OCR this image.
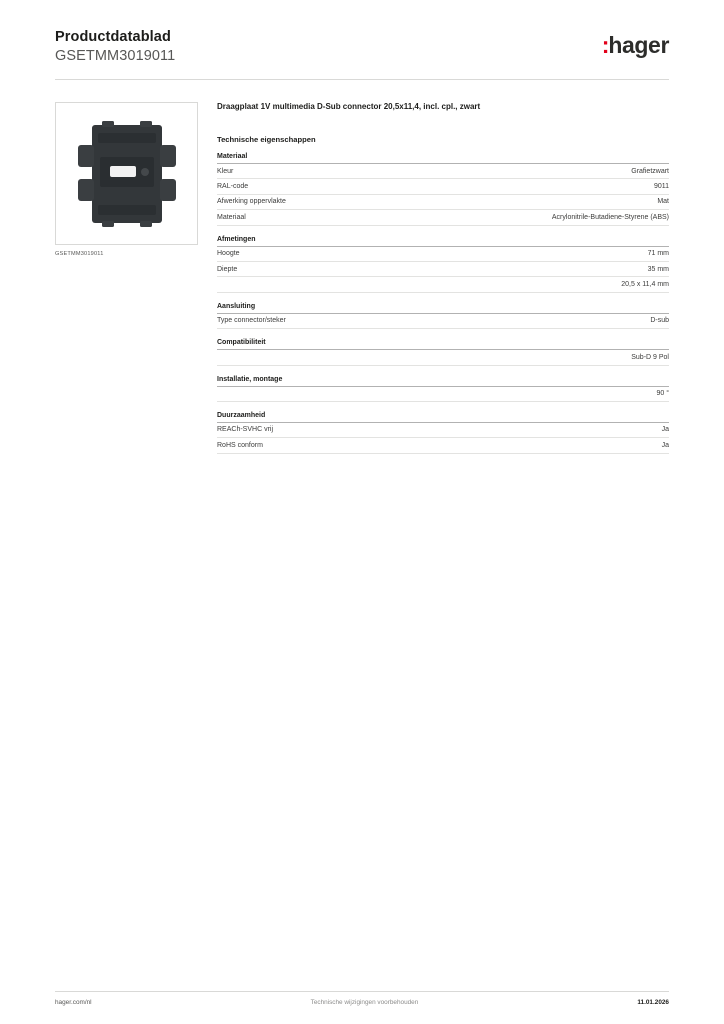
Productdatablad
GSETMM3019011	:hager
GSETMM3019011
Draagplaat 1V multimedia D-Sub connector 20,5x11,4, incl. cpl., zwart
Technische eigenschappen
Materiaal
Kleur	Grafietzwart
RAL-code	9011
Afwerking oppervlakte	Mat
Materiaal	Acrylonitrile-Butadiene-Styrene (ABS)
Afmetingen
Hoogte	71 mm
Diepte	35 mm
20,5 x 11,4 mm
Aansluiting
Type connector/steker	D-sub
Compatibiliteit
Sub-D 9 Pol
Installatie, montage
90 °
Duurzaamheid
REACh-SVHC vrij	Ja
RoHS conform	Ja
hager.com/nl	Technische wijzigingen voorbehouden	11.01.2026
